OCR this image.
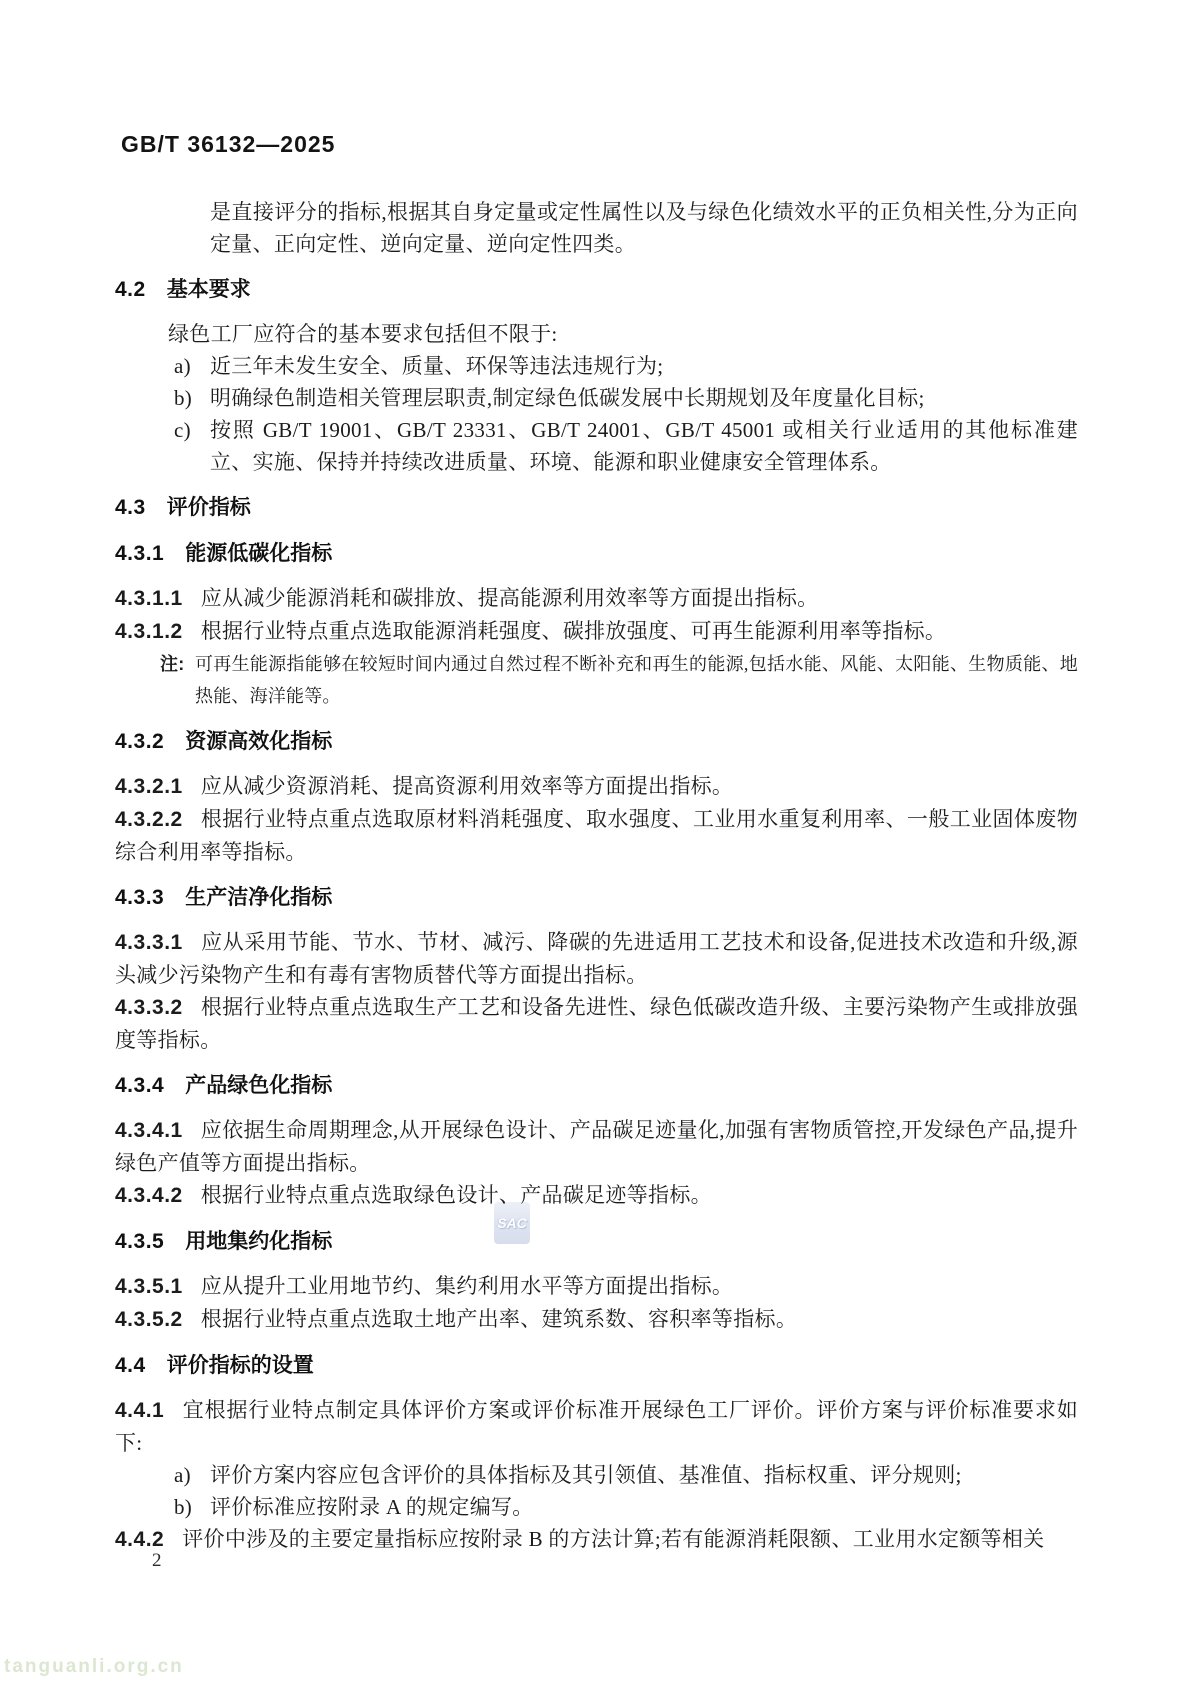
GB/T 36132—2025
SAC

是直接评分的指标,根据其自身定量或定性属性以及与绿色化绩效水平的正负相关性,分为正向定量、正向定性、逆向定量、逆向定性四类。

4.2 基本要求

绿色工厂应符合的基本要求包括但不限于:

a) 近三年未发生安全、质量、环保等违法违规行为;
b) 明确绿色制造相关管理层职责,制定绿色低碳发展中长期规划及年度量化目标;
c) 按照 GB/T 19001、GB/T 23331、GB/T 24001、GB/T 45001 或相关行业适用的其他标准建立、实施、保持并持续改进质量、环境、能源和职业健康安全管理体系。
4.3 评价指标
4.3.1 能源低碳化指标

4.3.1.1 应从减少能源消耗和碳排放、提高能源利用效率等方面提出指标。

4.3.1.2 根据行业特点重点选取能源消耗强度、碳排放强度、可再生能源利用率等指标。

注: 可再生能源指能够在较短时间内通过自然过程不断补充和再生的能源,包括水能、风能、太阳能、生物质能、地热能、海洋能等。
4.3.2 资源高效化指标

4.3.2.1 应从减少资源消耗、提高资源利用效率等方面提出指标。

4.3.2.2 根据行业特点重点选取原材料消耗强度、取水强度、工业用水重复利用率、一般工业固体废物综合利用率等指标。

4.3.3 生产洁净化指标

4.3.3.1 应从采用节能、节水、节材、减污、降碳的先进适用工艺技术和设备,促进技术改造和升级,源头减少污染物产生和有毒有害物质替代等方面提出指标。

4.3.3.2 根据行业特点重点选取生产工艺和设备先进性、绿色低碳改造升级、主要污染物产生或排放强度等指标。

4.3.4 产品绿色化指标

4.3.4.1 应依据生命周期理念,从开展绿色设计、产品碳足迹量化,加强有害物质管控,开发绿色产品,提升绿色产值等方面提出指标。

4.3.4.2 根据行业特点重点选取绿色设计、产品碳足迹等指标。

4.3.5 用地集约化指标

4.3.5.1 应从提升工业用地节约、集约利用水平等方面提出指标。

4.3.5.2 根据行业特点重点选取土地产出率、建筑系数、容积率等指标。

4.4 评价指标的设置

4.4.1 宜根据行业特点制定具体评价方案或评价标准开展绿色工厂评价。评价方案与评价标准要求如下:

a) 评价方案内容应包含评价的具体指标及其引领值、基准值、指标权重、评分规则;
b) 评价标准应按附录 A 的规定编写。

4.4.2 评价中涉及的主要定量指标应按附录 B 的方法计算;若有能源消耗限额、工业用水定额等相关

2
tanguanli.org.cn
